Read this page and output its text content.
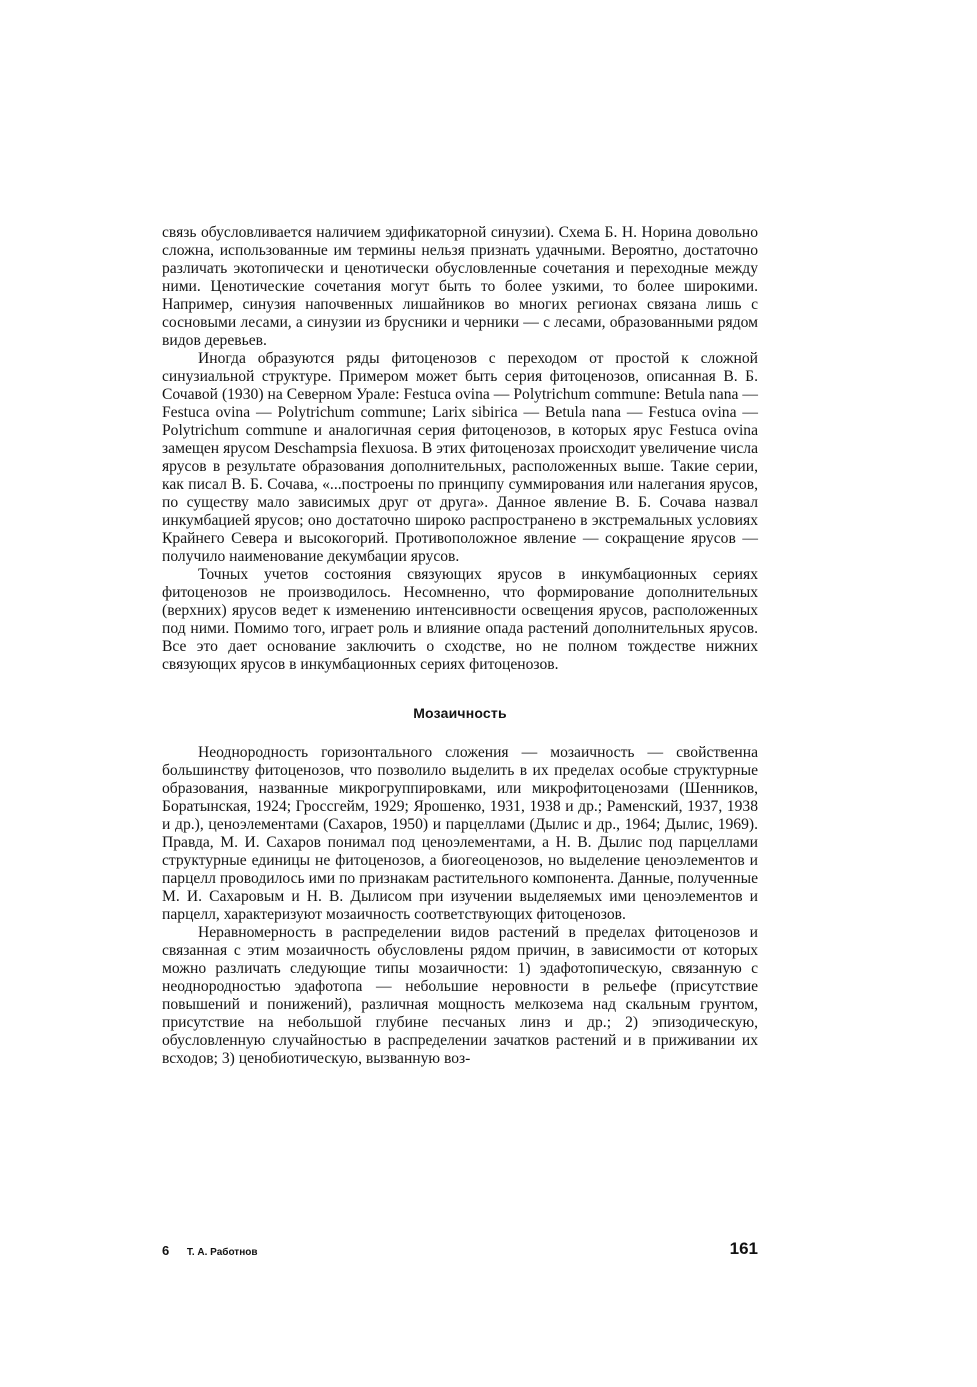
связь обусловливается наличием эдификаторной синузии). Схема Б. Н. Норина довольно сложна, использованные им термины нельзя признать удачными. Вероятно, достаточно различать экотопически и ценотически обусловленные сочетания и переходные между ними. Ценотические сочетания могут быть то более узкими, то более широкими. Например, синузия напочвенных лишайников во многих регионах связана лишь с сосновыми лесами, а синузии из брусники и черники — с лесами, образованными рядом видов деревьев.

Иногда образуются ряды фитоценозов с переходом от простой к сложной синузиальной структуре. Примером может быть серия фитоценозов, описанная В. Б. Сочавой (1930) на Северном Урале: Festuca ovina — Polytrichum commune: Betula nana — Festuca ovina — Polytrichum commune; Larix sibirica — Betula nana — Festuca ovina — Polytrichum commune и аналогичная серия фитоценозов, в которых ярус Festuca ovina замещен ярусом Deschampsia flexuosa. В этих фитоценозах происходит увеличение числа ярусов в результате образования дополнительных, расположенных выше. Такие серии, как писал В. Б. Сочава, «...построены по принципу суммирования или налегания ярусов, по существу мало зависимых друг от друга». Данное явление В. Б. Сочава назвал инкумбацией ярусов; оно достаточно широко распространено в экстремальных условиях Крайнего Севера и высокогорий. Противоположное явление — сокращение ярусов — получило наименование декумбации ярусов.

Точных учетов состояния связующих ярусов в инкумбационных сериях фитоценозов не производилось. Несомненно, что формирование дополнительных (верхних) ярусов ведет к изменению интенсивности освещения ярусов, расположенных под ними. Помимо того, играет роль и влияние опада растений дополнительных ярусов. Все это дает основание заключить о сходстве, но не полном тождестве нижних связующих ярусов в инкумбационных сериях фитоценозов.

Мозаичность

Неоднородность горизонтального сложения — мозаичность — свойственна большинству фитоценозов, что позволило выделить в их пределах особые структурные образования, названные микрогруппировками, или микрофитоценозами (Шенников, Боратынская, 1924; Гроссгейм, 1929; Ярошенко, 1931, 1938 и др.; Раменский, 1937, 1938 и др.), ценоэлементами (Сахаров, 1950) и парцеллами (Дылис и др., 1964; Дылис, 1969). Правда, М. И. Сахаров понимал под ценоэлементами, а Н. В. Дылис под парцеллами структурные единицы не фитоценозов, а биогеоценозов, но выделение ценоэлементов и парцелл проводилось ими по признакам растительного компонента. Данные, полученные М. И. Сахаровым и Н. В. Дылисом при изучении выделяемых ими ценоэлементов и парцелл, характеризуют мозаичность соответствующих фитоценозов.

Неравномерность в распределении видов растений в пределах фитоценозов и связанная с этим мозаичность обусловлены рядом причин, в зависимости от которых можно различать следующие типы мозаичности: 1) эдафотопическую, связанную с неоднородностью эдафотопа — небольшие неровности в рельефе (присутствие повышений и понижений), различная мощность мелкозема над скальным грунтом, присутствие на небольшой глубине песчаных линз и др.; 2) эпизодическую, обусловленную случайностью в распределении зачатков растений и в приживании их всходов; 3) ценобиотическую, вызванную воз-

6 Т. А. Работнов	161
